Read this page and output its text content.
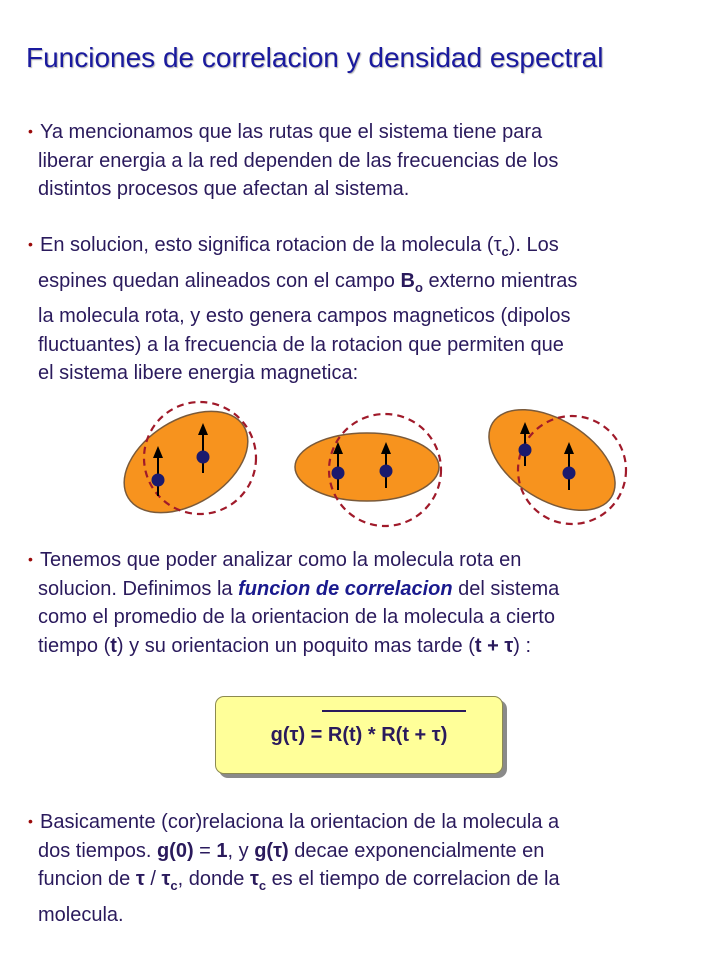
Funciones de correlacion y densidad espectral
• Ya mencionamos que las rutas que el sistema tiene para
liberar energia a la red dependen de las frecuencias de los
distintos procesos que afectan al sistema.
• En solucion, esto significa rotacion de la molecula $(\tau_c)$. Los
espines quedan alineados con el campo $B_o$ externo mientras
la molecula rota, y esto genera campos magneticos (dipolos
fluctuantes) a la frecuencia de la rotacion que permiten que
el sistema libere energia magnetica:
• Tenemos que poder analizar como la molecula rota en
solucion. Definimos la funcion de correlacion del sistema
como el promedio de la orientacion de la molecula a cierto
tiempo (t) y su orientacion un poquito mas tarde (t + τ) :
g(τ) = R(t) * R(t + τ)
• Basicamente (cor)relaciona la orientacion de la molecula a
dos tiempos. g(0) = 1, y g(τ) decae exponencialmente en
funcion de τ / $\tau_c$, donde $\tau_c$ es el tiempo de correlacion de la
molecula.
